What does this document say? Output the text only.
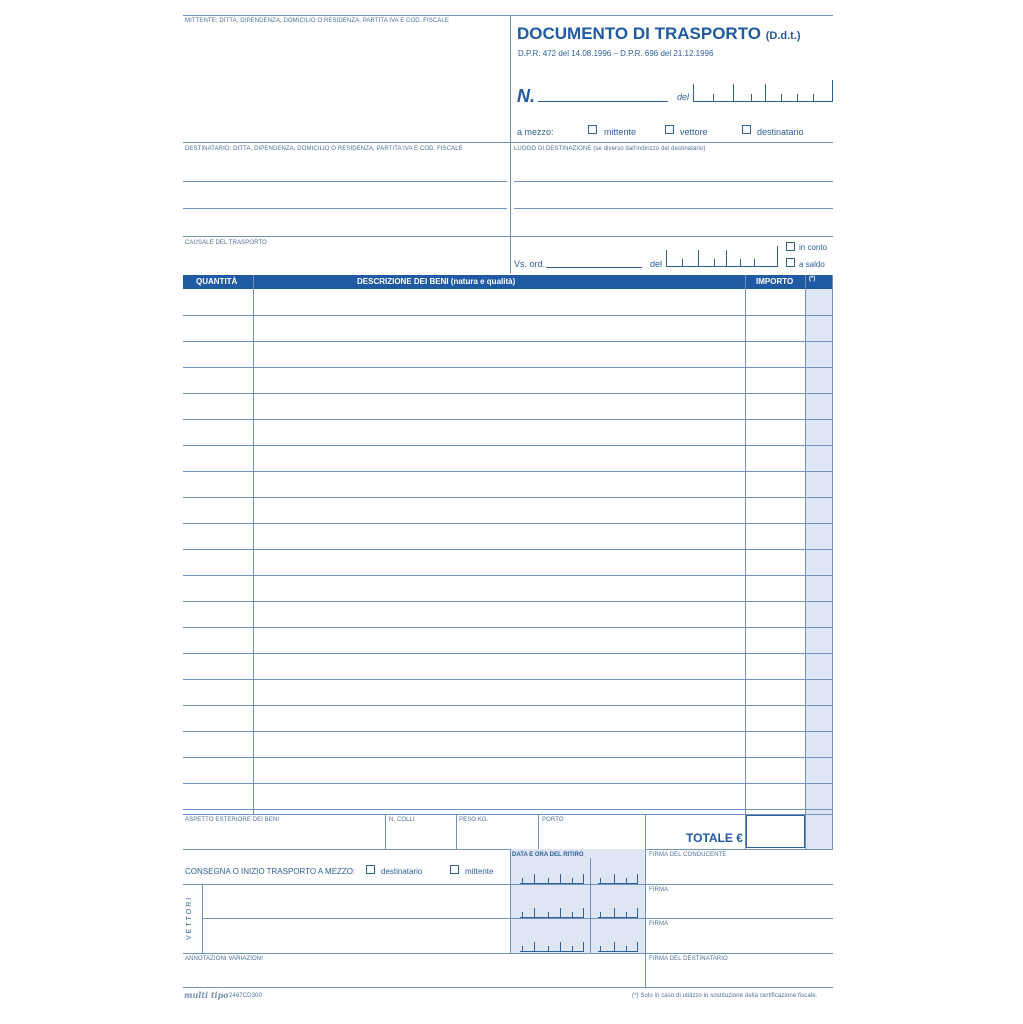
MITTENTE: DITTA, DIPENDENZA, DOMICILIO O RESIDENZA, PARTITA IVA E COD. FISCALE
DOCUMENTO DI TRASPORTO (D.d.t.)
D.P.R. 472 del 14.08.1996 – D.P.R. 696 del 21.12.1996
N.	del
a mezzo:	mittente	vettore	destinatario
DESTINATARIO: DITTA, DIPENDENZA, DOMICILIO O RESIDENZA, PARTITA IVA E COD. FISCALE	LUOGO DI DESTINAZIONE (se diverso dall'indirizzo del destinatario)
CAUSALE DEL TRASPORTO
Vs. ord.	del
in conto
a saldo
QUANTITÀ	DESCRIZIONE DEI BENI (natura e qualità)	IMPORTO	(*)
ASPETTO ESTERIORE DEI BENI	N. COLLI	PESO KG.	PORTO
TOTALE €
DATA E ORA DEL RITIRO	FIRMA DEL CONDUCENTE
CONSEGNA O INIZIO TRASPORTO A MEZZO:	destinatario	mittente
VETTORI
FIRMA
FIRMA
ANNOTAZIONI VARIAZIONI	FIRMA DEL DESTINATARIO
multi tipo 2467CD300	(*) Solo in caso di utilizzo in sostituzione della certificazione fiscale.
